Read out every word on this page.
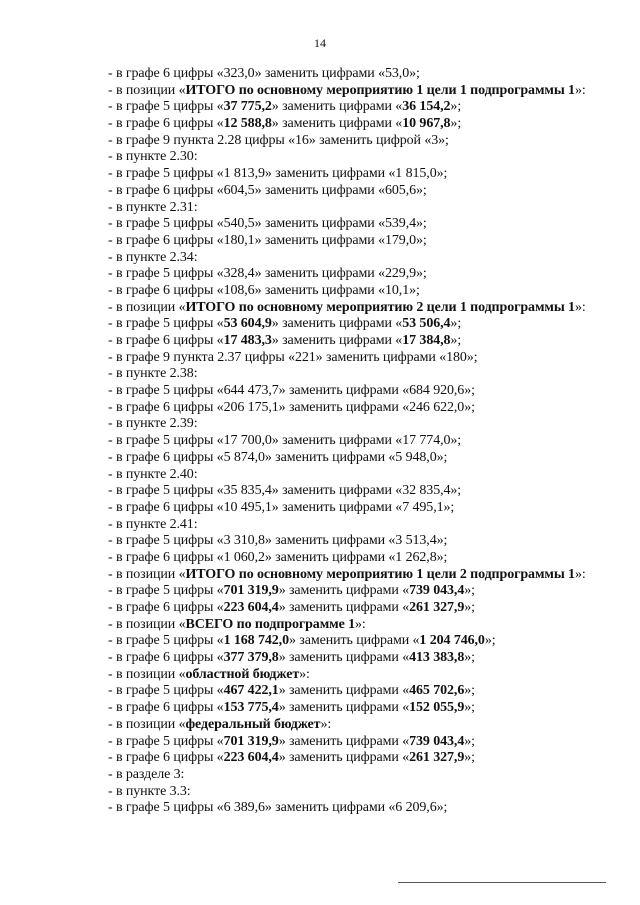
14
- в графе 6 цифры «323,0» заменить цифрами «53,0»;
- в позиции «ИТОГО по основному мероприятию 1 цели 1 подпрограммы 1»:
- в графе 5 цифры «37 775,2» заменить цифрами «36 154,2»;
- в графе 6 цифры «12 588,8» заменить цифрами «10 967,8»;
- в графе 9 пункта 2.28 цифры «16» заменить цифрой «3»;
- в пункте 2.30:
- в графе 5 цифры «1 813,9» заменить цифрами «1 815,0»;
- в графе 6 цифры «604,5» заменить цифрами «605,6»;
- в пункте 2.31:
- в графе 5 цифры «540,5» заменить цифрами «539,4»;
- в графе 6 цифры «180,1» заменить цифрами «179,0»;
- в пункте 2.34:
- в графе 5 цифры «328,4» заменить цифрами «229,9»;
- в графе 6 цифры «108,6» заменить цифрами «10,1»;
- в позиции «ИТОГО по основному мероприятию 2 цели 1 подпрограммы 1»:
- в графе 5 цифры «53 604,9» заменить цифрами «53 506,4»;
- в графе 6 цифры «17 483,3» заменить цифрами «17 384,8»;
- в графе 9 пункта 2.37 цифры «221» заменить цифрами «180»;
- в пункте 2.38:
- в графе 5 цифры «644 473,7» заменить цифрами «684 920,6»;
- в графе 6 цифры «206 175,1» заменить цифрами «246 622,0»;
- в пункте 2.39:
- в графе 5 цифры «17 700,0» заменить цифрами «17 774,0»;
- в графе 6 цифры «5 874,0» заменить цифрами «5 948,0»;
- в пункте 2.40:
- в графе 5 цифры «35 835,4» заменить цифрами «32 835,4»;
- в графе 6 цифры «10 495,1» заменить цифрами «7 495,1»;
- в пункте 2.41:
- в графе 5 цифры «3 310,8» заменить цифрами «3 513,4»;
- в графе 6 цифры «1 060,2» заменить цифрами «1 262,8»;
- в позиции «ИТОГО по основному мероприятию 1 цели 2 подпрограммы 1»:
- в графе 5 цифры «701 319,9» заменить цифрами «739 043,4»;
- в графе 6 цифры «223 604,4» заменить цифрами «261 327,9»;
- в позиции «ВСЕГО по подпрограмме 1»:
- в графе 5 цифры «1 168 742,0» заменить цифрами «1 204 746,0»;
- в графе 6 цифры «377 379,8» заменить цифрами «413 383,8»;
- в позиции «областной бюджет»:
- в графе 5 цифры «467 422,1» заменить цифрами «465 702,6»;
- в графе 6 цифры «153 775,4» заменить цифрами «152 055,9»;
- в позиции «федеральный бюджет»:
- в графе 5 цифры «701 319,9» заменить цифрами «739 043,4»;
- в графе 6 цифры «223 604,4» заменить цифрами «261 327,9»;
- в разделе 3:
- в пункте 3.3:
- в графе 5 цифры «6 389,6» заменить цифрами «6 209,6»;
